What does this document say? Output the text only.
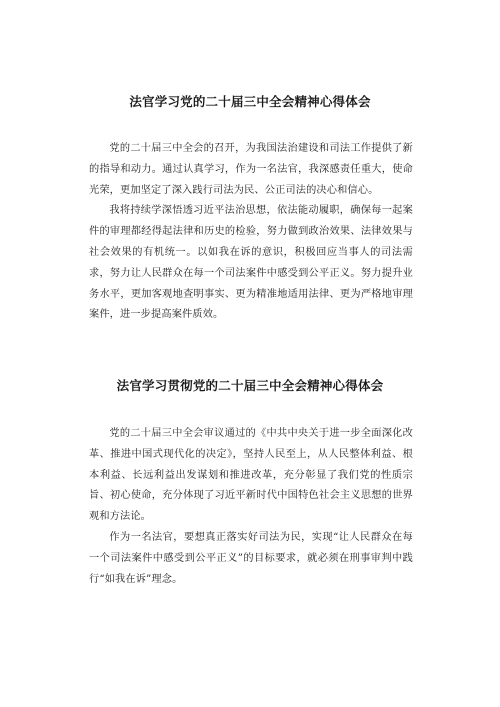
法官学习党的二十届三中全会精神心得体会

党的二十届三中全会的召开，为我国法治建设和司法工作提供了新的指导和动力。通过认真学习，作为一名法官，我深感责任重大，使命光荣，更加坚定了深入践行司法为民、公正司法的决心和信心。

我将持续学深悟透习近平法治思想，依法能动履职，确保每一起案件的审理都经得起法律和历史的检验，努力做到政治效果、法律效果与社会效果的有机统一。以如我在诉的意识，积极回应当事人的司法需求，努力让人民群众在每一个司法案件中感受到公平正义。努力提升业务水平，更加客观地查明事实、更为精准地适用法律、更为严格地审理案件，进一步提高案件质效。

法官学习贯彻党的二十届三中全会精神心得体会

党的二十届三中全会审议通过的《中共中央关于进一步全面深化改革、推进中国式现代化的决定》，坚持人民至上，从人民整体利益、根本利益、长远利益出发谋划和推进改革，充分彰显了我们党的性质宗旨、初心使命，充分体现了习近平新时代中国特色社会主义思想的世界观和方法论。

作为一名法官，要想真正落实好司法为民，实现“让人民群众在每一个司法案件中感受到公平正义”的目标要求，就必须在刑事审判中践行“如我在诉”理念。
